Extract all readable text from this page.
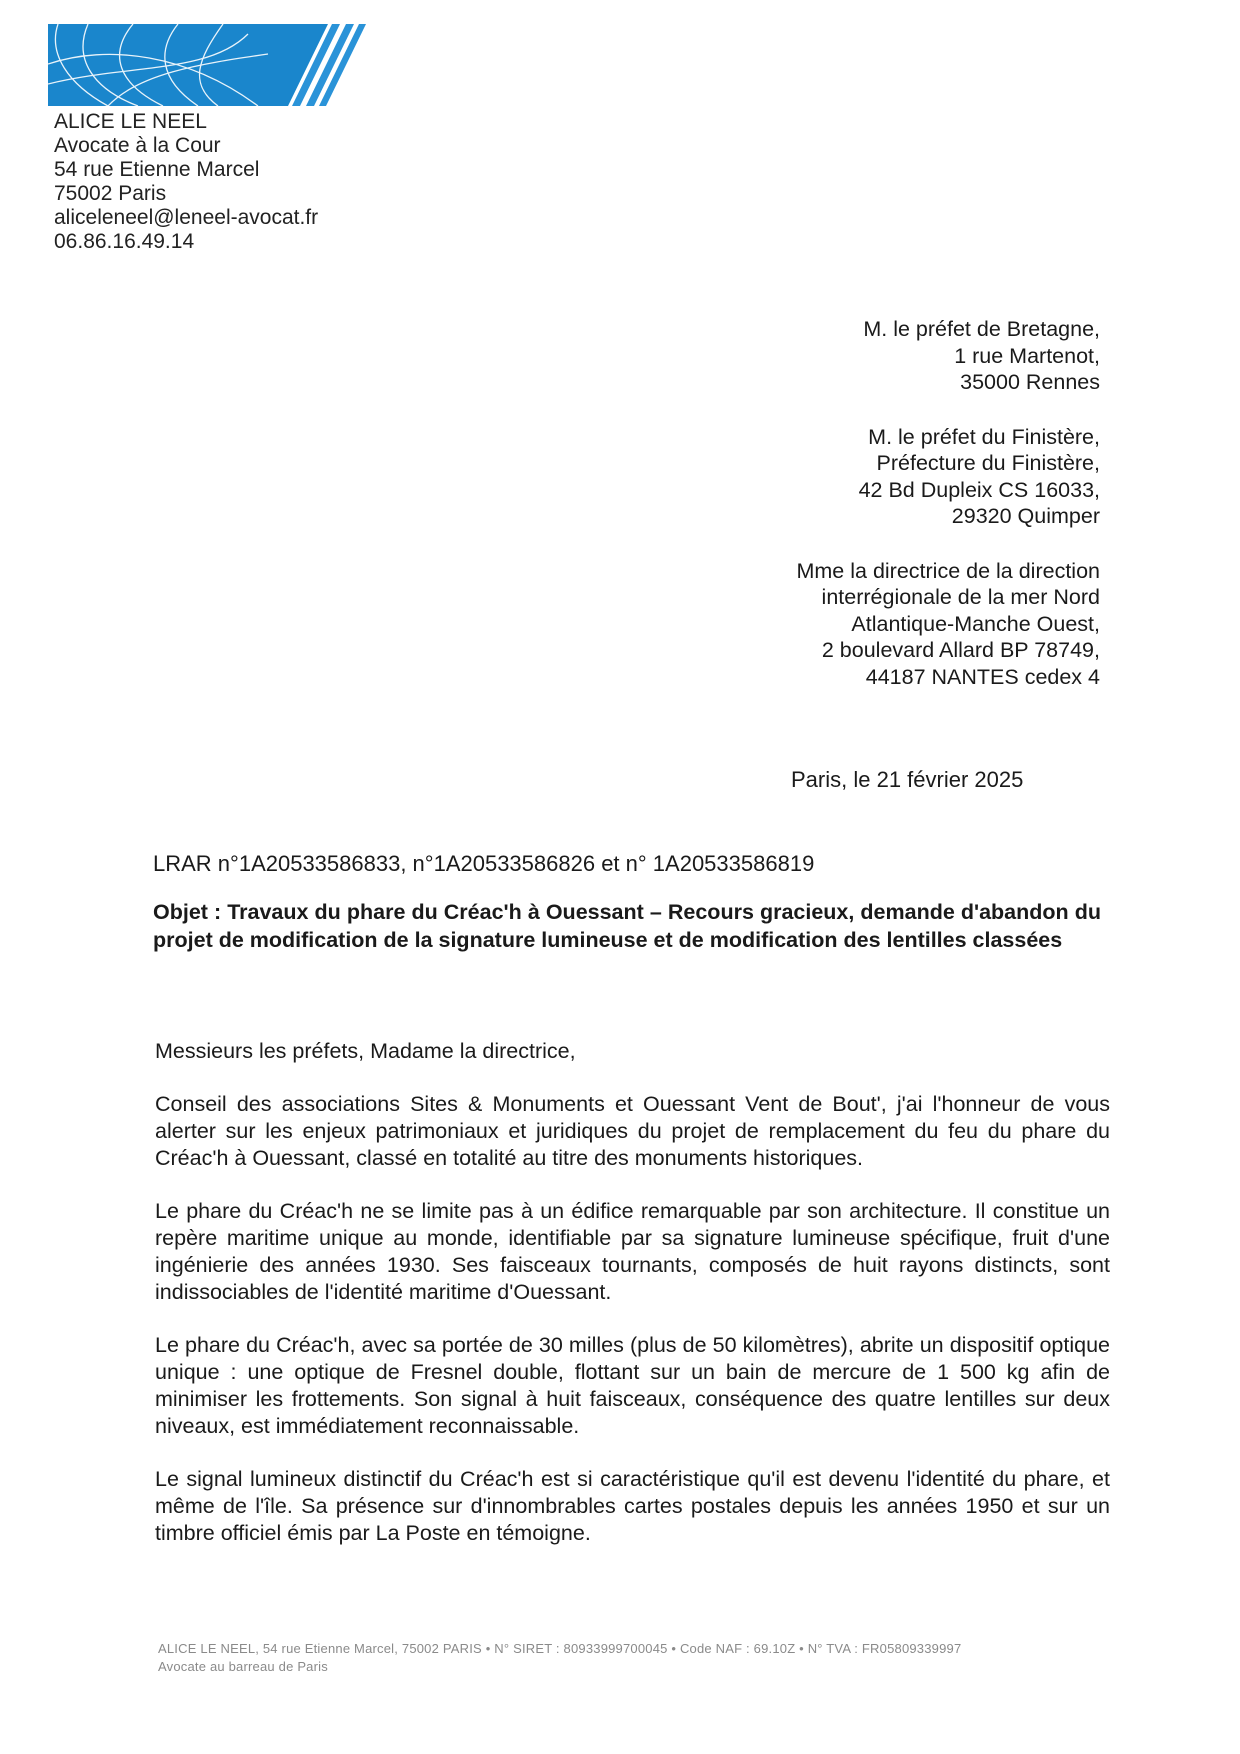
ALICE LE NEEL
Avocate à la Cour
54 rue Etienne Marcel
75002 Paris
aliceleneel@leneel-avocat.fr
06.86.16.49.14
M. le préfet de Bretagne,
1 rue Martenot,
35000 Rennes
M. le préfet du Finistère,
Préfecture du Finistère,
42 Bd Dupleix CS 16033,
29320 Quimper
Mme la directrice de la direction
interrégionale de la mer Nord
Atlantique-Manche Ouest,
2 boulevard Allard BP 78749,
44187 NANTES cedex 4
Paris, le 21 février 2025
LRAR n°1A20533586833, n°1A20533586826 et n° 1A20533586819
Objet : Travaux du phare du Créac'h à Ouessant – Recours gracieux, demande d'abandon du projet de modification de la signature lumineuse et de modification des lentilles classées

Messieurs les préfets, Madame la directrice,

Conseil des associations Sites & Monuments et Ouessant Vent de Bout', j'ai l'honneur de vous alerter sur les enjeux patrimoniaux et juridiques du projet de remplacement du feu du phare du Créac'h à Ouessant, classé en totalité au titre des monuments historiques.

Le phare du Créac'h ne se limite pas à un édifice remarquable par son architecture. Il constitue un repère maritime unique au monde, identifiable par sa signature lumineuse spécifique, fruit d'une ingénierie des années 1930. Ses faisceaux tournants, composés de huit rayons distincts, sont indissociables de l'identité maritime d'Ouessant.

Le phare du Créac'h, avec sa portée de 30 milles (plus de 50 kilomètres), abrite un dispositif optique unique : une optique de Fresnel double, flottant sur un bain de mercure de 1 500 kg afin de minimiser les frottements. Son signal à huit faisceaux, conséquence des quatre lentilles sur deux niveaux, est immédiatement reconnaissable.

Le signal lumineux distinctif du Créac'h est si caractéristique qu'il est devenu l'identité du phare, et même de l'île. Sa présence sur d'innombrables cartes postales depuis les années 1950 et sur un timbre officiel émis par La Poste en témoigne.

ALICE LE NEEL, 54 rue Etienne Marcel, 75002 PARIS • N° SIRET : 80933999700045 • Code NAF : 69.10Z • N° TVA : FR05809339997
Avocate au barreau de Paris
